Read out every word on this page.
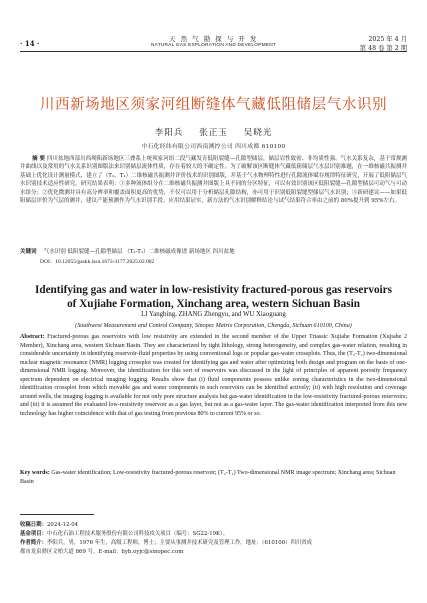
· 14 ·	天 然 气 勘 探 与 开 发
NATURAL GAS EXPLORATION AND DEVELOPMENT
2025 年 4 月
第 48 卷 第 2 期
川西新场地区须家河组断缝体气藏低阻储层气水识别
李阳兵 张正玉 吴晓光
中石化经纬有限公司西南测控公司 四川成都 610100
摘 要 四川盆地西部川西坳陷新场地区三叠系上统须家河组二段气藏发育低阻裂缝—孔隙型储层，储层岩性致密、非均质性强、气水关系复杂，基于常规测井曲线以及常用的气水关系识别图版法来识别储层流体性质，存在着较大的不确定性。为了破解该区断缝体气藏低阻储层气水层识别难题，在一维核磁共振测井基础上优化设计测量模式，建立了（T₂、T₁）二维核磁共振测井评价技术的识别图版，并基于气水物理特性进行孔隙流体赋存规律特征研究，开展了低阻储层气水识别技术适应性研究。研究结果表明：①多种流体组分在二维核磁共振测井图版上具不同的分区特征，可以有效识别该区低阻裂缝—孔隙型储层可动气与可动水组分；②优化微测井具有高分辨率和覆盖面积更高的优势，不仅可以用于分析储层孔隙结构，亦可用于识别低阻裂缝型储层气水识别；③新研建议——如果低阻储层评价为气层的测井，建议产能预测作为气水识别手段。应用结果证实，新方法的气水识别解释结论与试气结果符合率由之前的 80%提升到 95%左右。
关键词 气水识别 低阻裂缝—孔隙型储层 （T₂-T₁）二维核磁成像谱 新场地区 四川盆地
DOI：10.12055/gaskk.issn.1673-3177.2025.02.002
Identifying gas and water in low-resistivity fractured-porous gas reservoirs of Xujiahe Formation, Xinchang area, western Sichuan Basin
LI Yangbing, ZHANG Zhengyu, and WU Xiaoguang
(Southwest Measurement and Control Company, Sinopec Matrix Corporation, Chengdu, Sichuan 610100, China)
Abstract: Fractured-porous gas reservoirs with low resistivity are extended in the second member of the Upper Triassic Xujiahe Formation (Xujiahe 2 Member), Xinchang area, western Sichuan Basin. They are characterized by tight lithology, strong heterogeneity, and complex gas-water relation, resulting in considerable uncertainty in identifying reservoir-fluid properties by using conventional logs or popular gas-water crossplots. Thus, the (T₂-T₁) two-dimensional nuclear magnetic resonance (NMR) logging crossplot was created for identifying gas and water after optimizing both design and program on the basis of one-dimensional NMR logging. Moreover, the identification for this sort of reservoirs was discussed in the light of principles of apparent porosity frequency spectrum dependent on electrical imaging logging. Results show that (i) fluid components possess unlike zoning characteristics in the two-dimensional identification crossplot from which movable gas and water components in such reservoirs can be identified actively; (ii) with high resolution and coverage around wells, the imaging logging is available for not only pore structure analysis but gas-water identification in the low-resistivity fractured-porous reservoirs; and (iii) it is assumed the evaluated low-resistivity reservoir as a gas layer, but not as a gas-water layer. The gas-water identification interpreted from this new technology has higher coincidence with that of gas testing from previous 80% to current 95% or so.
Key words: Gas-water identification; Low-resistivity fractured-porous reservoir; (T₂-T₁) Two-dimensional NMR image spectrum; Xinchang area; Sichuan Basin
收稿日期：2024-12-04
基金项目：中石化石油工程技术服务股份有限公司科技攻关项目（编号：SG22-19K）。
作者简介：李阳兵，男，1976 年生，高级工程师，博士；主要从事测井技术研究及管理工作。地址：（610100）四川省成
都市龙泉驿区文柏大道 869 号。E-mail：liyb.oyjc@sinopec.com
